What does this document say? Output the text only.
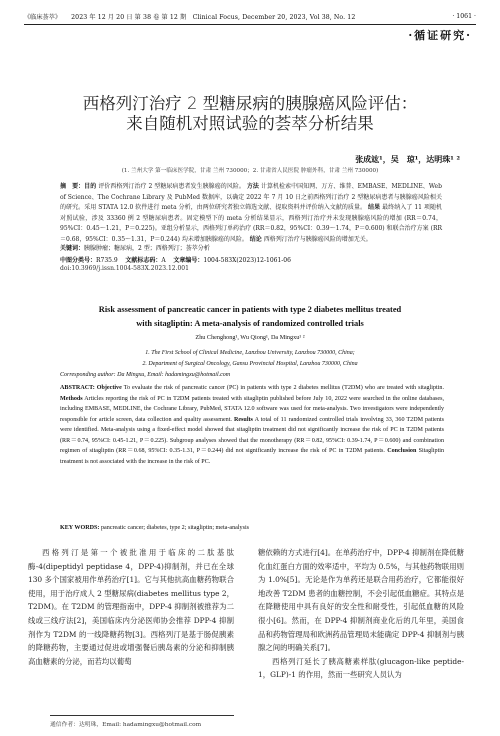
《临床荟萃》 2023 年 12 月 20 日 第 38 卷 第 12 期　Clinical Focus, December 20, 2023, Vol 38, No. 12	· 1061 ·
·循证研究·
西格列汀治疗 2 型糖尿病的胰腺癌风险评估：
来自随机对照试验的荟萃分析结果
张成竑¹，吴　琼¹，达明珠¹ ²
(1. 兰州大学 第一临床医学院，甘肃 兰州 730000；2. 甘肃省人民医院 肿瘤外科，甘肃 兰州 730000)
摘　要：目的 评价西格列汀治疗 2 型糖尿病患者发生胰腺癌的风险。 方法 计算机检索中国知网、万方、维普、EMBASE、MEDLINE、Web of Science、The Cochrane Library 及 PubMed 数据库，以确定 2022 年 7 月 10 日之前西格列汀治疗 2 型糖尿病患者与胰腺癌风险相关的研究。采用 STATA 12.0 软件进行 meta 分析，由两位研究者独立筛选文献、提取资料并评价纳入文献的质量。 结果 最终纳入了 11 项随机对照试验，涉及 33360 例 2 型糖尿病患者。固定模型下的 meta 分析结果显示，西格列汀治疗并未发现胰腺癌风险的增加 (RR＝0.74，95%CI：0.45～1.21，P＝0.225)。亚组分析显示，西格列汀单药治疗 (RR＝0.82，95%CI：0.39～1.74，P＝0.600) 和联合治疗方案 (RR＝0.68，95%CI：0.35～1.31，P＝0.244) 均未增加胰腺癌的风险。 结论 西格列汀治疗与胰腺癌风险的增加无关。
关键词：胰腺肿瘤；糖尿病，2 型；西格列汀；荟萃分析
中图分类号：R735.9 文献标志码：A 文章编号：1004-583X(2023)12-1061-06
doi:10.3969/j.issn.1004-583X.2023.12.001
Risk assessment of pancreatic cancer in patients with type 2 diabetes mellitus treated
with sitagliptin: A meta-analysis of randomized controlled trials
Zhu Chenghong¹, Wu Qiong¹, Da Mingxu¹ ²
1. The First School of Clinical Medicine, Lanzhou University, Lanzhou 730000, China;
2. Department of Surgical Oncology, Gansu Provincial Hospital, Lanzhou 730000, China
Corresponding author: Da Mingxu, Email: hadamingxu@hotmail.com
ABSTRACT: Objective To evaluate the risk of pancreatic cancer (PC) in patients with type 2 diabetes mellitus (T2DM) who are treated with sitagliptin. Methods Articles reporting the risk of PC in T2DM patients treated with sitagliptin published before July 10, 2022 were searched in the online databases, including EMBASE, MEDLINE, the Cochrane Library, PubMed, STATA 12.0 software was used for meta-analysis. Two investigators were independently responsible for article screen, data collection and quality assessment. Results A total of 11 randomized controlled trials involving 33, 360 T2DM patients were identified. Meta-analysis using a fixed-effect model showed that sitagliptin treatment did not significantly increase the risk of PC in T2DM patients (RR＝0.74, 95%CI: 0.45-1.21, P＝0.225). Subgroup analyses showed that the monotherapy (RR＝0.82, 95%CI: 0.39-1.74, P＝0.600) and combination regimen of sitagliptin (RR＝0.68, 95%CI: 0.35-1.31, P＝0.244) did not significantly increase the risk of PC in T2DM patients. Conclusion Sitagliptin treatment is not associated with the increase in the risk of PC.
KEY WORDS: pancreatic cancer; diabetes, type 2; sitagliptin; meta-analysis

西格列汀是第一个被批准用于临床的二肽基肽酶-4(dipeptidyl peptidase 4，DPP-4)抑制剂，并已在全球 130 多个国家被用作单药治疗[1]。它与其他抗高血糖药物联合使用，用于治疗成人 2 型糖尿病(diabetes mellitus type 2，T2DM)。在 T2DM 的管理指南中，DPP-4 抑制剂被推荐为二线或三线疗法[2]，美国临床内分泌医师协会推荐 DPP-4 抑制剂作为 T2DM 的一线降糖药物[3]。西格列汀是基于肠促胰素的降糖药物，主要通过促进或增强餐后胰岛素的分泌和抑制胰高血糖素的分泌，而若均以葡萄

糖依赖的方式进行[4]。在单药治疗中，DPP-4 抑制剂在降低糖化血红蛋白方面的效率适中，平均为 0.5%，与其他药物联用则为 1.0%[5]。无论是作为单药还是联合用药治疗，它都能很好地改善 T2DM 患者的血糖控制，不会引起低血糖症。其特点是在降糖使用中具有良好的安全性和耐受性，引起低血糖的风险很小[6]。然而，在 DPP-4 抑制剂商业化后的几年里，美国食品和药物管理局和欧洲药品管理局未能确定 DPP-4 抑制剂与胰腺之间的明确关系[7]。

西格列汀延长了胰高糖素样肽(glucagon-like peptide-1，GLP)-1 的作用，然而一些研究人员认为

通信作者：达明珠，Email: hadamingxu@hotmail.com
